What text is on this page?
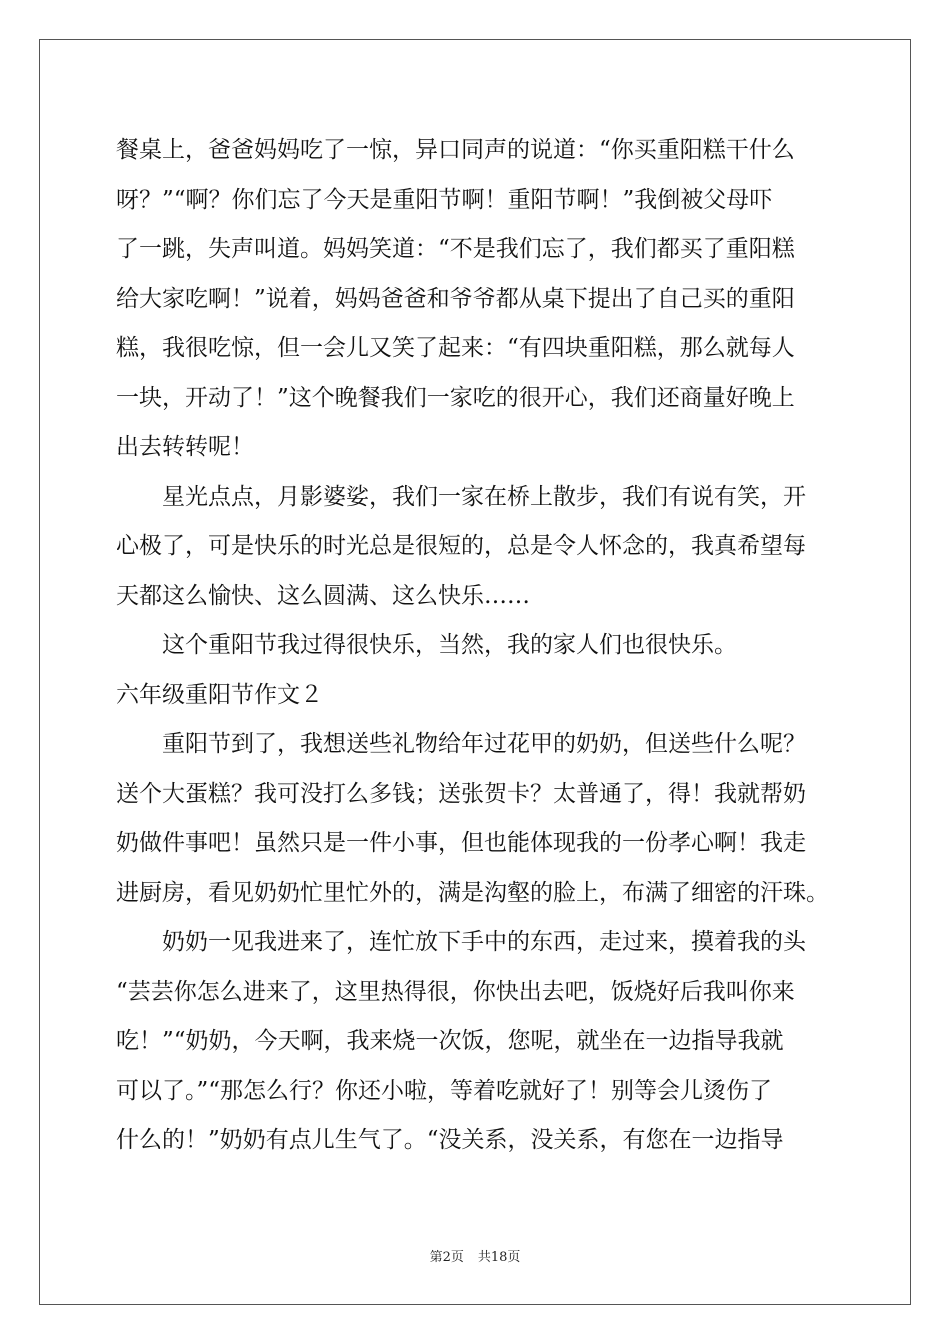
餐桌上，爸爸妈妈吃了一惊，异口同声的说道：“你买重阳糕干什么
呀？”“啊？你们忘了今天是重阳节啊！重阳节啊！”我倒被父母吓
了一跳，失声叫道。妈妈笑道：“不是我们忘了，我们都买了重阳糕
给大家吃啊！”说着，妈妈爸爸和爷爷都从桌下提出了自己买的重阳
糕，我很吃惊，但一会儿又笑了起来：“有四块重阳糕，那么就每人
一块，开动了！”这个晚餐我们一家吃的很开心，我们还商量好晚上
出去转转呢！
星光点点，月影婆娑，我们一家在桥上散步，我们有说有笑，开
心极了，可是快乐的时光总是很短的，总是令人怀念的，我真希望每
天都这么愉快、这么圆满、这么快乐……
这个重阳节我过得很快乐，当然，我的家人们也很快乐。
六年级重阳节作文２
重阳节到了，我想送些礼物给年过花甲的奶奶，但送些什么呢？
送个大蛋糕？我可没打么多钱；送张贺卡？太普通了，得！我就帮奶
奶做件事吧！虽然只是一件小事，但也能体现我的一份孝心啊！我走
进厨房，看见奶奶忙里忙外的，满是沟壑的脸上，布满了细密的汗珠。
奶奶一见我进来了，连忙放下手中的东西，走过来，摸着我的头
“芸芸你怎么进来了，这里热得很，你快出去吧，饭烧好后我叫你来
吃！”“奶奶，今天啊，我来烧一次饭，您呢，就坐在一边指导我就
可以了。”“那怎么行？你还小啦，等着吃就好了！别等会儿烫伤了
什么的！”奶奶有点儿生气了。“没关系，没关系，有您在一边指导
第2页 共18页
